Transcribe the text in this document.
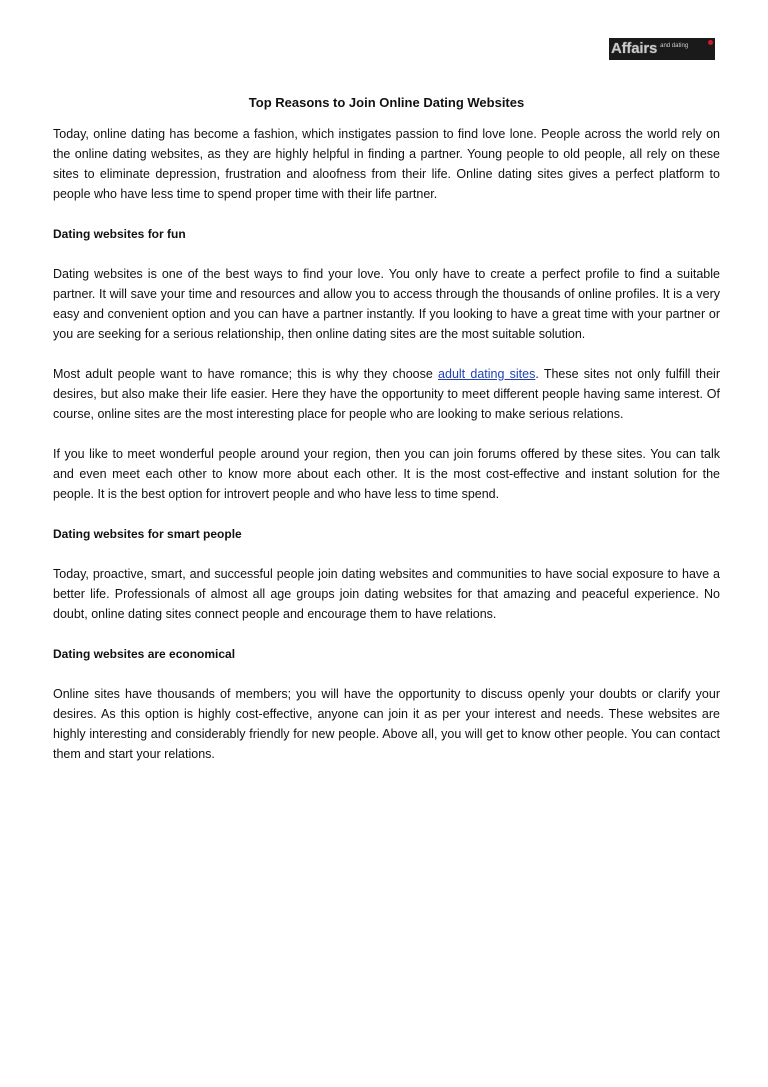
Affairs and dating
Top Reasons to Join Online Dating Websites

Today, online dating has become a fashion, which instigates passion to find love lone. People across the world rely on the online dating websites, as they are highly helpful in finding a partner. Young people to old people, all rely on these sites to eliminate depression, frustration and aloofness from their life. Online dating sites gives a perfect platform to people who have less time to spend proper time with their life partner.

Dating websites for fun

Dating websites is one of the best ways to find your love. You only have to create a perfect profile to find a suitable partner. It will save your time and resources and allow you to access through the thousands of online profiles. It is a very easy and convenient option and you can have a partner instantly. If you looking to have a great time with your partner or you are seeking for a serious relationship, then online dating sites are the most suitable solution.

Most adult people want to have romance; this is why they choose adult dating sites. These sites not only fulfill their desires, but also make their life easier. Here they have the opportunity to meet different people having same interest. Of course, online sites are the most interesting place for people who are looking to make serious relations.

If you like to meet wonderful people around your region, then you can join forums offered by these sites. You can talk and even meet each other to know more about each other. It is the most cost-effective and instant solution for the people. It is the best option for introvert people and who have less to time spend.

Dating websites for smart people

Today, proactive, smart, and successful people join dating websites and communities to have social exposure to have a better life. Professionals of almost all age groups join dating websites for that amazing and peaceful experience. No doubt, online dating sites connect people and encourage them to have relations.

Dating websites are economical

Online sites have thousands of members; you will have the opportunity to discuss openly your doubts or clarify your desires. As this option is highly cost-effective, anyone can join it as per your interest and needs. These websites are highly interesting and considerably friendly for new people. Above all, you will get to know other people. You can contact them and start your relations.
